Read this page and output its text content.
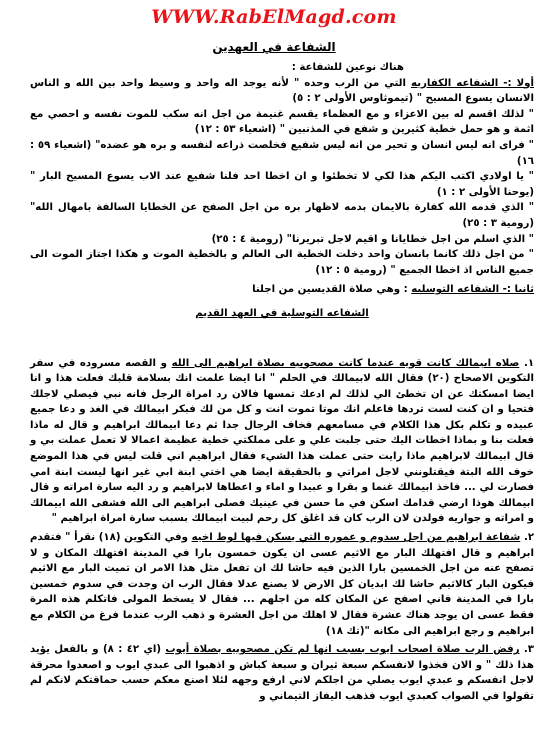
WWW.RabElMagd.com
الشفاعة في العهدين

هناك نوعين للشفاعة :

أولا :- الشفاعه الكفاريه التي من الرب وحده " لأنه يوجد اله واحد و وسيط واحد بين الله و الناس الانسان يسوع المسيح " (تيموثاوس الأولى ٢ : ٥)

" لذلك اقسم له بين الاعزاء و مع العظماء يقسم غنيمة من اجل انه سكب للموت نفسه و احصي مع اثمة و هو حمل خطية كثيرين و شفع في المذنبين " (اشعياء ٥٣ : ١٢)

" فراى انه ليس انسان و تحير من انه ليس شفيع فخلصت ذراعه لنفسه و بره هو عضده" (اشعياء ٥٩ : ١٦)

" يا اولادي اكتب اليكم هذا لكي لا تخطئوا و ان اخطا احد فلنا شفيع عند الاب يسوع المسيح البار " (يوحنا الأولى ٢ : ١)

" الذي قدمه الله كفارة بالايمان بدمه لاظهار بره من اجل الصفح عن الخطايا السالفة بامهال الله" (رومية ٣ : ٢٥)

" الذي اسلم من اجل خطايانا و اقيم لاجل تبريرنا" (رومية ٤ : ٢٥)

" من اجل ذلك كانما بانسان واحد دخلت الخطية الى العالم و بالخطية الموت و هكذا اجتاز الموت الى جميع الناس اذ اخطا الجميع " (رومية ٥ : ١٢)

ثانيا :- الشفاعه التوسليه : وهي صلاة القديسين من اجلنا

الشفاعه التوسلية في العهد القديم

١. صلاه ابيمالك كانت قويه عندما كانت مصحوبيه بصلاة ابراهيم الى الله و القصه مسروده في سفر التكوين الاصحاح (٢٠) فقال الله لابيمالك في الحلم " انا ايضا علمت انك بسلامة قلبك فعلت هذا و انا ايضا امسكتك عن ان تخطئ الي لذلك لم ادعك تمسها فالان رد امراة الرجل فانه نبي فيصلي لاجلك فتحيا و ان كنت لست تردها فاعلم انك موتا تموت انت و كل من لك فبكر ابيمالك في الغد و دعا جميع عبيده و تكلم بكل هذا الكلام في مسامعهم فخاف الرجال جدا ثم دعا ابيمالك ابراهيم و قال له ماذا فعلت بنا و بماذا اخطات اليك حتى جلبت علي و على مملكتي خطية عظيمة اعمالا لا تعمل عملت بي و قال ابيمالك لابراهيم ماذا رايت حتى عملت هذا الشيء فقال ابراهيم اني قلت ليس في هذا الموضع خوف الله البتة فيقتلونني لاجل امراتي و بالحقيقة ايضا هي اختي ابنة ابي غير انها ليست ابنة امي فصارت لي ... فاخذ ابيمالك غنما و بقرا و عبيدا و اماء و اعطاها لابراهيم و رد اليه سارة امراته و قال ابيمالك هوذا ارضي قدامك اسكن في ما حسن في عينيك فصلى ابراهيم الى الله فشفى الله ابيمالك و امراته و جواريه فولدن لان الرب كان قد اغلق كل رحم لبيت ابيمالك بسبب سارة امراة ابراهيم "

٢. شفاعة ابراهيم من اجل سدوم و عموره التي يسكن فيها لوط اخيه وفي التكوين (١٨) نقرأ " فتقدم ابراهيم و قال افتهلك البار مع الاثيم عسى ان يكون خمسون بارا في المدينة افتهلك المكان و لا تصفح عنه من اجل الخمسين بارا الذين فيه حاشا لك ان تفعل مثل هذا الامر ان تميت البار مع الاثيم فيكون البار كالاثيم حاشا لك ابديان كل الارض لا يصنع عدلا فقال الرب ان وجدت في سدوم خمسين بارا في المدينة فاني اصفح عن المكان كله من اجلهم ... فقال لا يسخط المولى فاتكلم هذه المرة فقط عسى ان يوجد هناك عشرة فقال لا اهلك من اجل العشرة و ذهب الرب عندما فرغ من الكلام مع ابراهيم و رجع ابراهيم الى مكانه "(تك ١٨)

٣. رفض الرب صلاة اصحاب ايوب بسبب انها لم تكن مصحوبيه بصلاة أيوب (اي ٤٢ : ٨) و بالفعل يؤيد هذا ذلك " و الان فخذوا لانفسكم سبعة ثيران و سبعة كباش و اذهبوا الى عبدي ايوب و اصعدوا محرقة لاجل انفسكم و عبدي ايوب يصلي من اجلكم لاني ارفع وجهه لئلا اصنع معكم حسب حماقتكم لانكم لم تقولوا في الصواب كعبدي ايوب فذهب اليفاز التيماني و
